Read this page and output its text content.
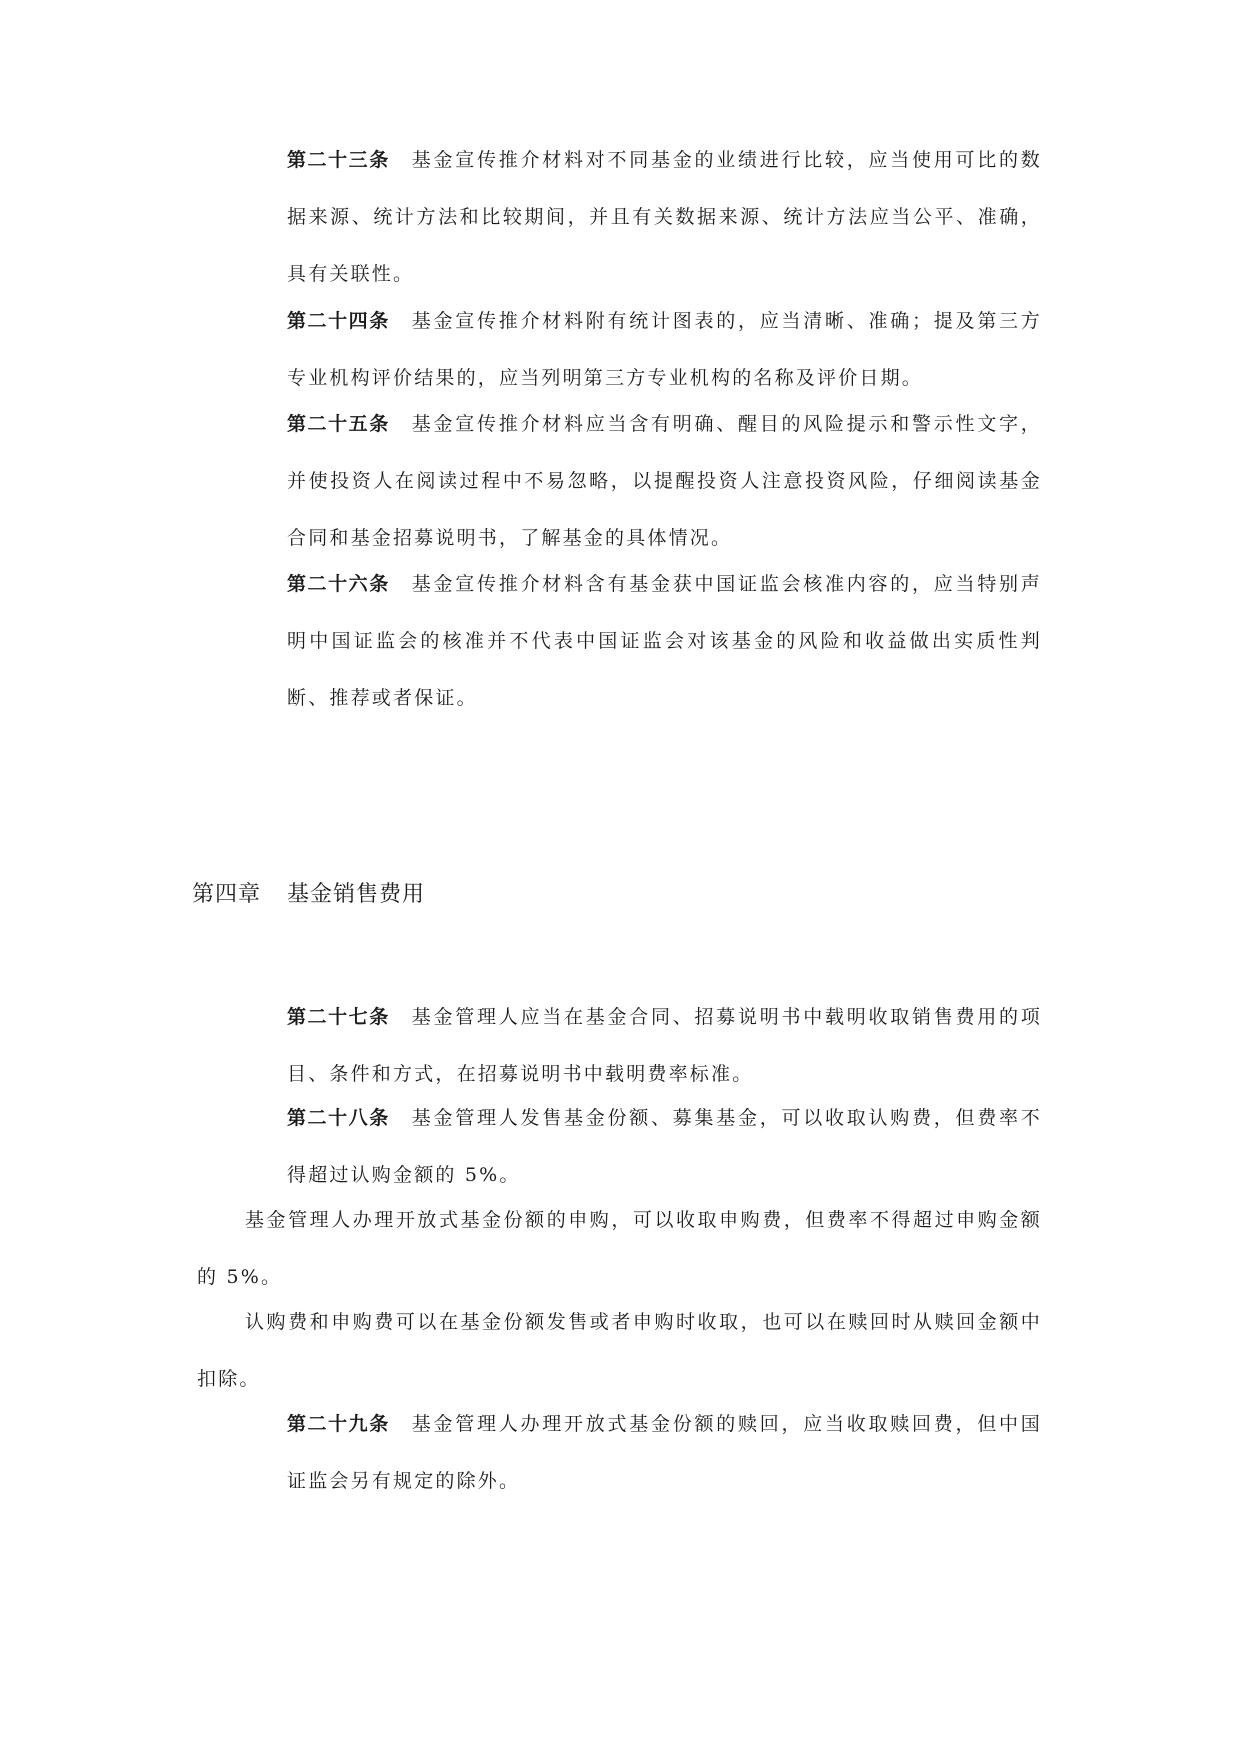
第二十三条 基金宣传推介材料对不同基金的业绩进行比较，应当使用可比的数据来源、统计方法和比较期间，并且有关数据来源、统计方法应当公平、准确，具有关联性。

第二十四条 基金宣传推介材料附有统计图表的，应当清晰、准确；提及第三方专业机构评价结果的，应当列明第三方专业机构的名称及评价日期。

第二十五条 基金宣传推介材料应当含有明确、醒目的风险提示和警示性文字，并使投资人在阅读过程中不易忽略，以提醒投资人注意投资风险，仔细阅读基金合同和基金招募说明书，了解基金的具体情况。

第二十六条 基金宣传推介材料含有基金获中国证监会核准内容的，应当特别声明中国证监会的核准并不代表中国证监会对该基金的风险和收益做出实质性判断、推荐或者保证。

第四章 基金销售费用

第二十七条 基金管理人应当在基金合同、招募说明书中载明收取销售费用的项目、条件和方式，在招募说明书中载明费率标准。

第二十八条 基金管理人发售基金份额、募集基金，可以收取认购费，但费率不得超过认购金额的 5%。

基金管理人办理开放式基金份额的申购，可以收取申购费，但费率不得超过申购金额的 5%。

认购费和申购费可以在基金份额发售或者申购时收取，也可以在赎回时从赎回金额中扣除。

第二十九条 基金管理人办理开放式基金份额的赎回，应当收取赎回费，但中国证监会另有规定的除外。
